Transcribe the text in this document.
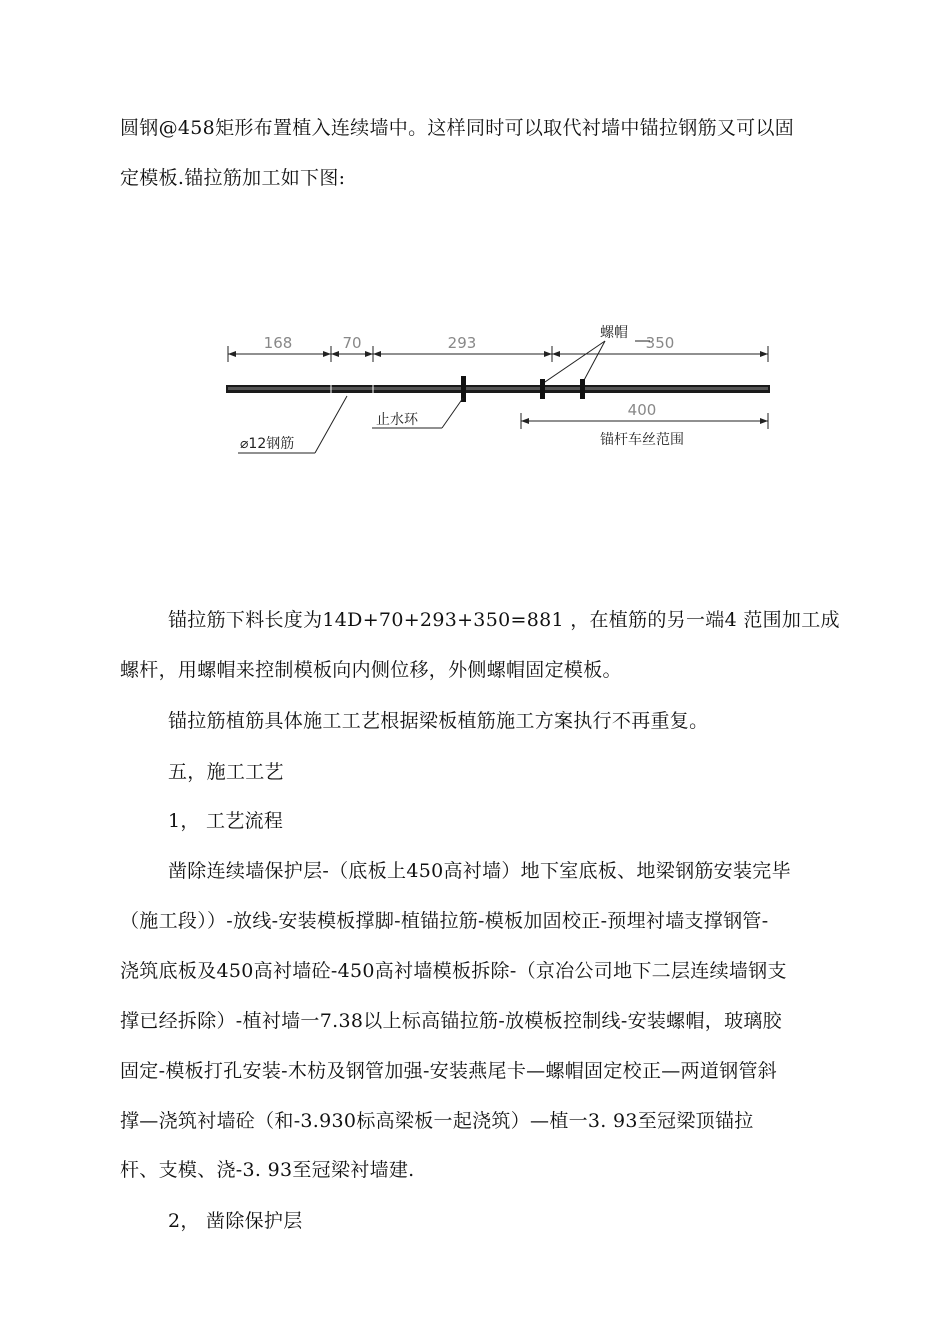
圆钢@458矩形布置植入连续墙中。这样同时可以取代衬墙中锚拉钢筋又可以固
定模板.锚拉筋加工如下图:
168	70	293	350
螺帽
止水环
⌀12钢筋
400
锚杆车丝范围
锚拉筋下料长度为14D+70+293+350=881 ，在植筋的另一端4 范围加工成
螺杆，用螺帽来控制模板向内侧位移，外侧螺帽固定模板。
锚拉筋植筋具体施工工艺根据梁板植筋施工方案执行不再重复。
五，施工工艺
1， 工艺流程
凿除连续墙保护层-（底板上450高衬墙）地下室底板、地梁钢筋安装完毕
（施工段））-放线-安装模板撑脚-植锚拉筋-模板加固校正-预埋衬墙支撑钢管-
浇筑底板及450高衬墙砼-450高衬墙模板拆除-（京冶公司地下二层连续墙钢支
撑已经拆除）-植衬墙一7.38以上标高锚拉筋-放模板控制线-安装螺帽，玻璃胶
固定-模板打孔安装-木枋及钢管加强-安装燕尾卡—螺帽固定校正—两道钢管斜
撑—浇筑衬墙砼（和-3.930标高梁板一起浇筑）—植一3. 93至冠梁顶锚拉
杆、支模、浇-3. 93至冠梁衬墙建.
2， 凿除保护层
